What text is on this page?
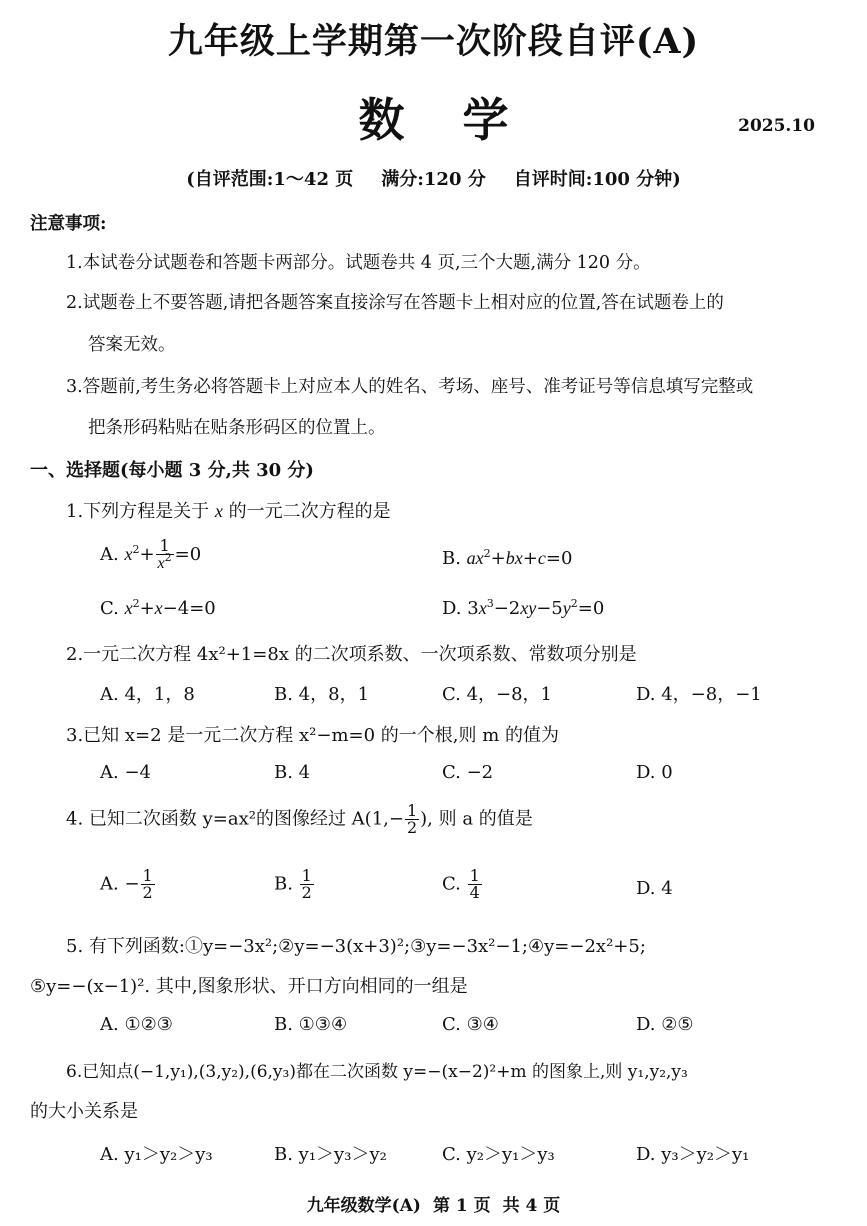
九年级上学期第一次阶段自评(A)
数学	2025.10
(自评范围:1～42 页 满分:120 分 自评时间:100 分钟)
注意事项:
1.本试卷分试题卷和答题卡两部分。试题卷共 4 页,三个大题,满分 120 分。
2.试题卷上不要答题,请把各题答案直接涂写在答题卡上相对应的位置,答在试题卷上的
答案无效。
3.答题前,考生务必将答题卡上对应本人的姓名、考场、座号、准考证号等信息填写完整或
把条形码粘贴在贴条形码区的位置上。
一、选择题(每小题 3 分,共 30 分)
1.下列方程是关于 x 的一元二次方程的是
A. $x^2+ \frac{1}{x^2} =0$	B. $ax^2+bx+c=0$
C. $x^2+x-4=0$	D. $3x^3-2xy-5y^2=0$
2.一元二次方程 4x²+1=8x 的二次项系数、一次项系数、常数项分别是
A. 4，1，8	B. 4，8，1	C. 4，−8，1	D. 4，−8，−1
3.已知 x=2 是一元二次方程 x²−m=0 的一个根,则 m 的值为
A. −4	B. 4	C. −2	D. 0
4. 已知二次函数 y=ax²的图像经过 $A(1,- \frac{1}{2}$ ), 则 a 的值是
A. − $\frac{1}{2}$	B. $\frac{1}{2}$	C. $\frac{1}{4}$	D. 4
5. 有下列函数:①y=−3x²;②y=−3(x+3)²;③y=−3x²−1;④y=−2x²+5;
⑤y=−(x−1)². 其中,图象形状、开口方向相同的一组是
A. ①②③	B. ①③④	C. ③④	D. ②⑤
6.已知点(−1,y₁),(3,y₂),(6,y₃)都在二次函数 y=−(x−2)²+m 的图象上,则 y₁,y₂,y₃
的大小关系是
A. y₁＞y₂＞y₃	B. y₁＞y₃＞y₂	C. y₂＞y₁＞y₃	D. y₃＞y₂＞y₁
九年级数学(A) 第 1 页 共 4 页
